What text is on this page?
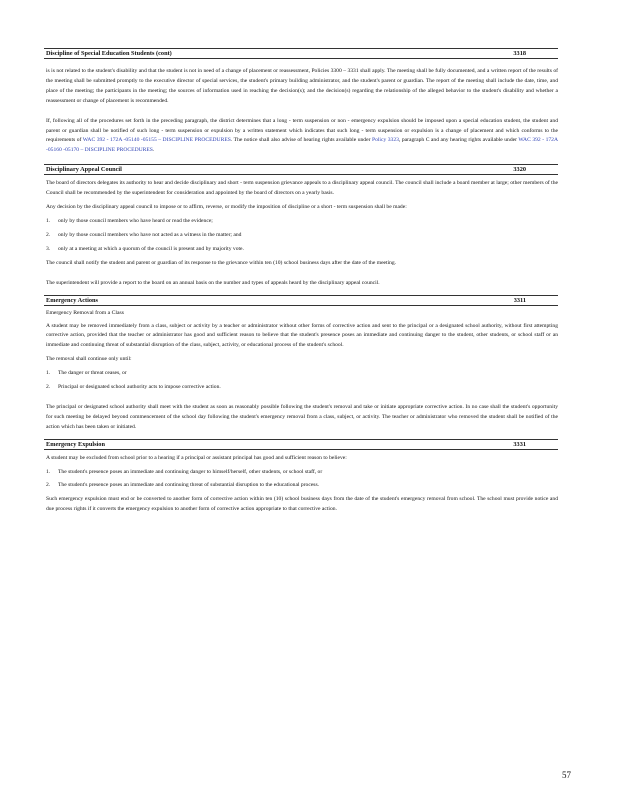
Discipline of Special Education Students (cont)	3318

is is not related to the student's disability and that the student is not in need of a change of placement or reassessment, Policies 3300 – 3331 shall apply. The meeting shall be fully documented, and a written report of the results of the meeting shall be submitted promptly to the executive director of special services, the student's primary building administrator, and the student's parent or guardian. The report of the meeting shall include the date, time, and place of the meeting; the participants in the meeting; the sources of information used in reaching the decision(s); and the decision(s) regarding the relationship of the alleged behavior to the student's disability and whether a reassessment or change of placement is recommended.

If, following all of the procedures set forth in the preceding paragraph, the district determines that a long - term suspension or non - emergency expulsion should be imposed upon a special education student, the student and parent or guardian shall be notified of such long - term suspension or expulsion by a written statement which indicates that such long - term suspension or expulsion is a change of placement and which conforms to the requirements of WAC 392 - 172A -05140 -05155 – DISCIPLINE PROCEDURES. The notice shall also advise of hearing rights available under Policy 3323, paragraph C and any hearing rights available under WAC 392 - 172A -05160 -05170 – DISCIPLINE PROCEDURES.

Disciplinary Appeal Council	3320

The board of directors delegates its authority to hear and decide disciplinary and short - term suspension grievance appeals to a disciplinary appeal council. The council shall include a board member at large; other members of the Council shall be recommended by the superintendent for consideration and appointed by the board of directors on a yearly basis.

Any decision by the disciplinary appeal council to impose or to affirm, reverse, or modify the imposition of discipline or a short - term suspension shall be made:

1.	only by those council members who have heard or read the evidence;
2.	only by those council members who have not acted as a witness in the matter; and
3.	only at a meeting at which a quorum of the council is present and by majority vote.

The council shall notify the student and parent or guardian of its response to the grievance within ten (10) school business days after the date of the meeting.

The superintendent will provide a report to the board on an annual basis on the number and types of appeals heard by the disciplinary appeal council.

Emergency Actions	3311
Emergency Removal from a Class

A student may be removed immediately from a class, subject or activity by a teacher or administrator without other forms of corrective action and sent to the principal or a designated school authority, without first attempting corrective action, provided that the teacher or administrator has good and sufficient reason to believe that the student's presence poses an immediate and continuing danger to the student, other students, or school staff or an immediate and continuing threat of substantial disruption of the class, subject, activity, or educational process of the student's school.

The removal shall continue only until:

1.	The danger or threat ceases, or
2.	Principal or designated school authority acts to impose corrective action.

The principal or designated school authority shall meet with the student as soon as reasonably possible following the student's removal and take or initiate appropriate corrective action. In no case shall the student's opportunity for such meeting be delayed beyond commencement of the school day following the student's emergency removal from a class, subject, or activity. The teacher or administrator who removed the student shall be notified of the action which has been taken or initiated.

Emergency Expulsion	3331

A student may be excluded from school prior to a hearing if a principal or assistant principal has good and sufficient reason to believe:

1.	The student's presence poses an immediate and continuing danger to himself/herself, other students, or school staff, or
2.	The student's presence poses an immediate and continuing threat of substantial disruption to the educational process.

Such emergency expulsion must end or be converted to another form of corrective action within ten (10) school business days from the date of the student's emergency removal from school. The school must provide notice and due process rights if it converts the emergency expulsion to another form of corrective action appropriate to that corrective action.

57
